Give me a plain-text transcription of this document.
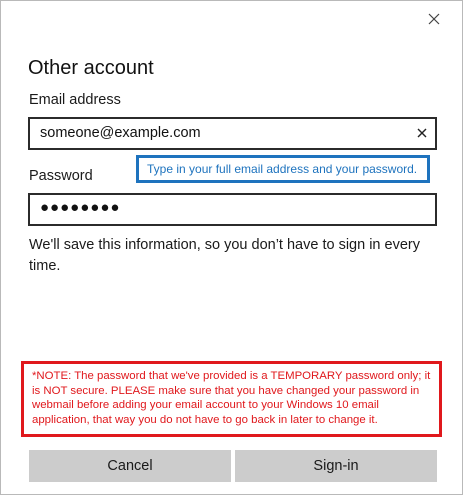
Other account
Email address
someone@example.com
Type in your full email address and your password.
Password
●●●●●●●●
We'll save this information, so you don’t have to sign in every time.
*NOTE: The password that we've provided is a TEMPORARY password only; it is NOT secure. PLEASE make sure that you have changed your password in webmail before adding your email account to your Windows 10 email application, that way you do not have to go back in later to change it.
Cancel	Sign-in
